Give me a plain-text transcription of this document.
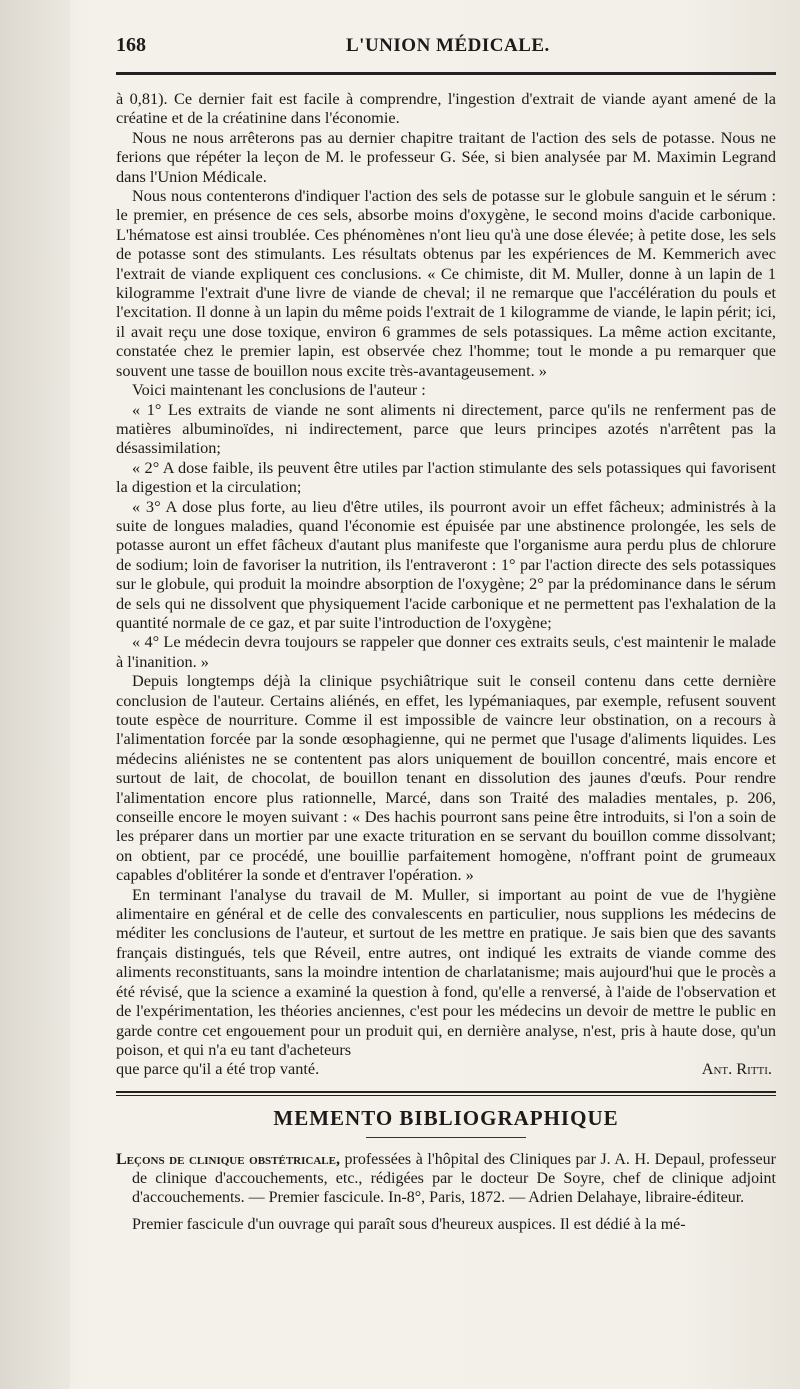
168	L'UNION MÉDICALE.

à 0,81). Ce dernier fait est facile à comprendre, l'ingestion d'extrait de viande ayant amené de la créatine et de la créatinine dans l'économie.

Nous ne nous arrêterons pas au dernier chapitre traitant de l'action des sels de potasse. Nous ne ferions que répéter la leçon de M. le professeur G. Sée, si bien analysée par M. Maximin Legrand dans l'Union Médicale.

Nous nous contenterons d'indiquer l'action des sels de potasse sur le globule sanguin et le sérum : le premier, en présence de ces sels, absorbe moins d'oxygène, le second moins d'acide carbonique. L'hématose est ainsi troublée. Ces phénomènes n'ont lieu qu'à une dose élevée; à petite dose, les sels de potasse sont des stimulants. Les résultats obtenus par les expériences de M. Kemmerich avec l'extrait de viande expliquent ces conclusions. « Ce chimiste, dit M. Muller, donne à un lapin de 1 kilogramme l'extrait d'une livre de viande de cheval; il ne remarque que l'accélération du pouls et l'excitation. Il donne à un lapin du même poids l'extrait de 1 kilogramme de viande, le lapin périt; ici, il avait reçu une dose toxique, environ 6 grammes de sels potassiques. La même action excitante, constatée chez le premier lapin, est observée chez l'homme; tout le monde a pu remarquer que souvent une tasse de bouillon nous excite très-avantageusement. »

Voici maintenant les conclusions de l'auteur :

« 1° Les extraits de viande ne sont aliments ni directement, parce qu'ils ne renferment pas de matières albuminoïdes, ni indirectement, parce que leurs principes azotés n'arrêtent pas la désassimilation;

« 2° A dose faible, ils peuvent être utiles par l'action stimulante des sels potassiques qui favorisent la digestion et la circulation;

« 3° A dose plus forte, au lieu d'être utiles, ils pourront avoir un effet fâcheux; administrés à la suite de longues maladies, quand l'économie est épuisée par une abstinence prolongée, les sels de potasse auront un effet fâcheux d'autant plus manifeste que l'organisme aura perdu plus de chlorure de sodium; loin de favoriser la nutrition, ils l'entraveront : 1° par l'action directe des sels potassiques sur le globule, qui produit la moindre absorption de l'oxygène; 2° par la prédominance dans le sérum de sels qui ne dissolvent que physiquement l'acide carbonique et ne permettent pas l'exhalation de la quantité normale de ce gaz, et par suite l'introduction de l'oxygène;

« 4° Le médecin devra toujours se rappeler que donner ces extraits seuls, c'est maintenir le malade à l'inanition. »

Depuis longtemps déjà la clinique psychiâtrique suit le conseil contenu dans cette dernière conclusion de l'auteur. Certains aliénés, en effet, les lypémaniaques, par exemple, refusent souvent toute espèce de nourriture. Comme il est impossible de vaincre leur obstination, on a recours à l'alimentation forcée par la sonde œsophagienne, qui ne permet que l'usage d'aliments liquides. Les médecins aliénistes ne se contentent pas alors uniquement de bouillon concentré, mais encore et surtout de lait, de chocolat, de bouillon tenant en dissolution des jaunes d'œufs. Pour rendre l'alimentation encore plus rationnelle, Marcé, dans son Traité des maladies mentales, p. 206, conseille encore le moyen suivant : « Des hachis pourront sans peine être introduits, si l'on a soin de les préparer dans un mortier par une exacte trituration en se servant du bouillon comme dissolvant; on obtient, par ce procédé, une bouillie parfaitement homogène, n'offrant point de grumeaux capables d'oblitérer la sonde et d'entraver l'opération. »

En terminant l'analyse du travail de M. Muller, si important au point de vue de l'hygiène alimentaire en général et de celle des convalescents en particulier, nous supplions les médecins de méditer les conclusions de l'auteur, et surtout de les mettre en pratique. Je sais bien que des savants français distingués, tels que Réveil, entre autres, ont indiqué les extraits de viande comme des aliments reconstituants, sans la moindre intention de charlatanisme; mais aujourd'hui que le procès a été révisé, que la science a examiné la question à fond, qu'elle a renversé, à l'aide de l'observation et de l'expérimentation, les théories anciennes, c'est pour les médecins un devoir de mettre le public en garde contre cet engouement pour un produit qui, en dernière analyse, n'est, pris à haute dose, qu'un poison, et qui n'a eu tant d'acheteurs

que parce qu'il a été trop vanté.	Ant. Ritti.
MEMENTO BIBLIOGRAPHIQUE

Leçons de clinique obstétricale, professées à l'hôpital des Cliniques par J. A. H. Depaul, professeur de clinique d'accouchements, etc., rédigées par le docteur De Soyre, chef de clinique adjoint d'accouchements. — Premier fascicule. In-8°, Paris, 1872. — Adrien Delahaye, libraire-éditeur.

Premier fascicule d'un ouvrage qui paraît sous d'heureux auspices. Il est dédié à la mé-
